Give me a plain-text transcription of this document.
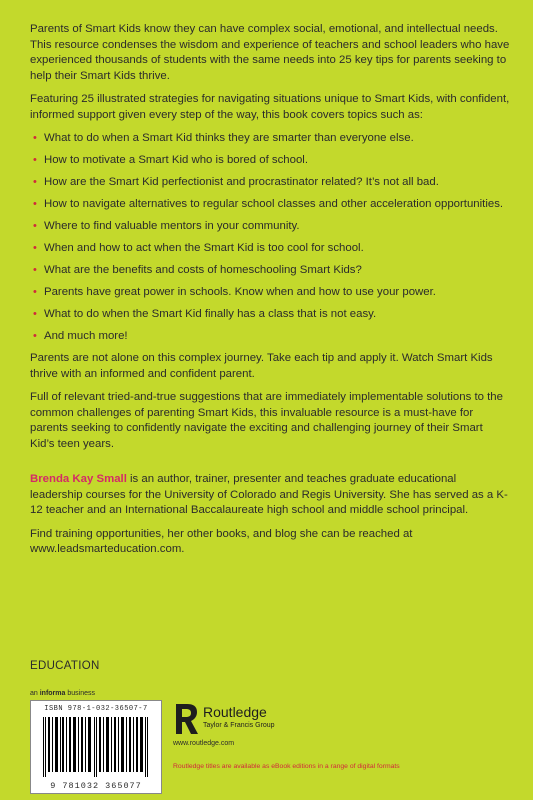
Parents of Smart Kids know they can have complex social, emotional, and intellectual needs. This resource condenses the wisdom and experience of teachers and school leaders who have experienced thousands of students with the same needs into 25 key tips for parents seeking to help their Smart Kids thrive.

Featuring 25 illustrated strategies for navigating situations unique to Smart Kids, with confident, informed support given every step of the way, this book covers topics such as:

• What to do when a Smart Kid thinks they are smarter than everyone else.
• How to motivate a Smart Kid who is bored of school.
• How are the Smart Kid perfectionist and procrastinator related? It’s not all bad.
• How to navigate alternatives to regular school classes and other acceleration opportunities.
• Where to find valuable mentors in your community.
• When and how to act when the Smart Kid is too cool for school.
• What are the benefits and costs of homeschooling Smart Kids?
• Parents have great power in schools. Know when and how to use your power.
• What to do when the Smart Kid finally has a class that is not easy.
• And much more!

Parents are not alone on this complex journey. Take each tip and apply it. Watch Smart Kids thrive with an informed and confident parent.

Full of relevant tried-and-true suggestions that are immediately implementable solutions to the common challenges of parenting Smart Kids, this invaluable resource is a must-have for parents seeking to confidently navigate the exciting and challenging journey of their Smart Kid’s teen years.

Brenda Kay Small is an author, trainer, presenter and teaches graduate educational leadership courses for the University of Colorado and Regis University. She has served as a K-12 teacher and an International Baccalaureate high school and middle school principal.

Find training opportunities, her other books, and blog she can be reached at www.leadsmarteducation.com.

EDUCATION
an informa business
ISBN 978-1-032-36507-7
9 781032 365077
Routledge
Taylor & Francis Group
www.routledge.com
Routledge titles are available as eBook editions in a range of digital formats
